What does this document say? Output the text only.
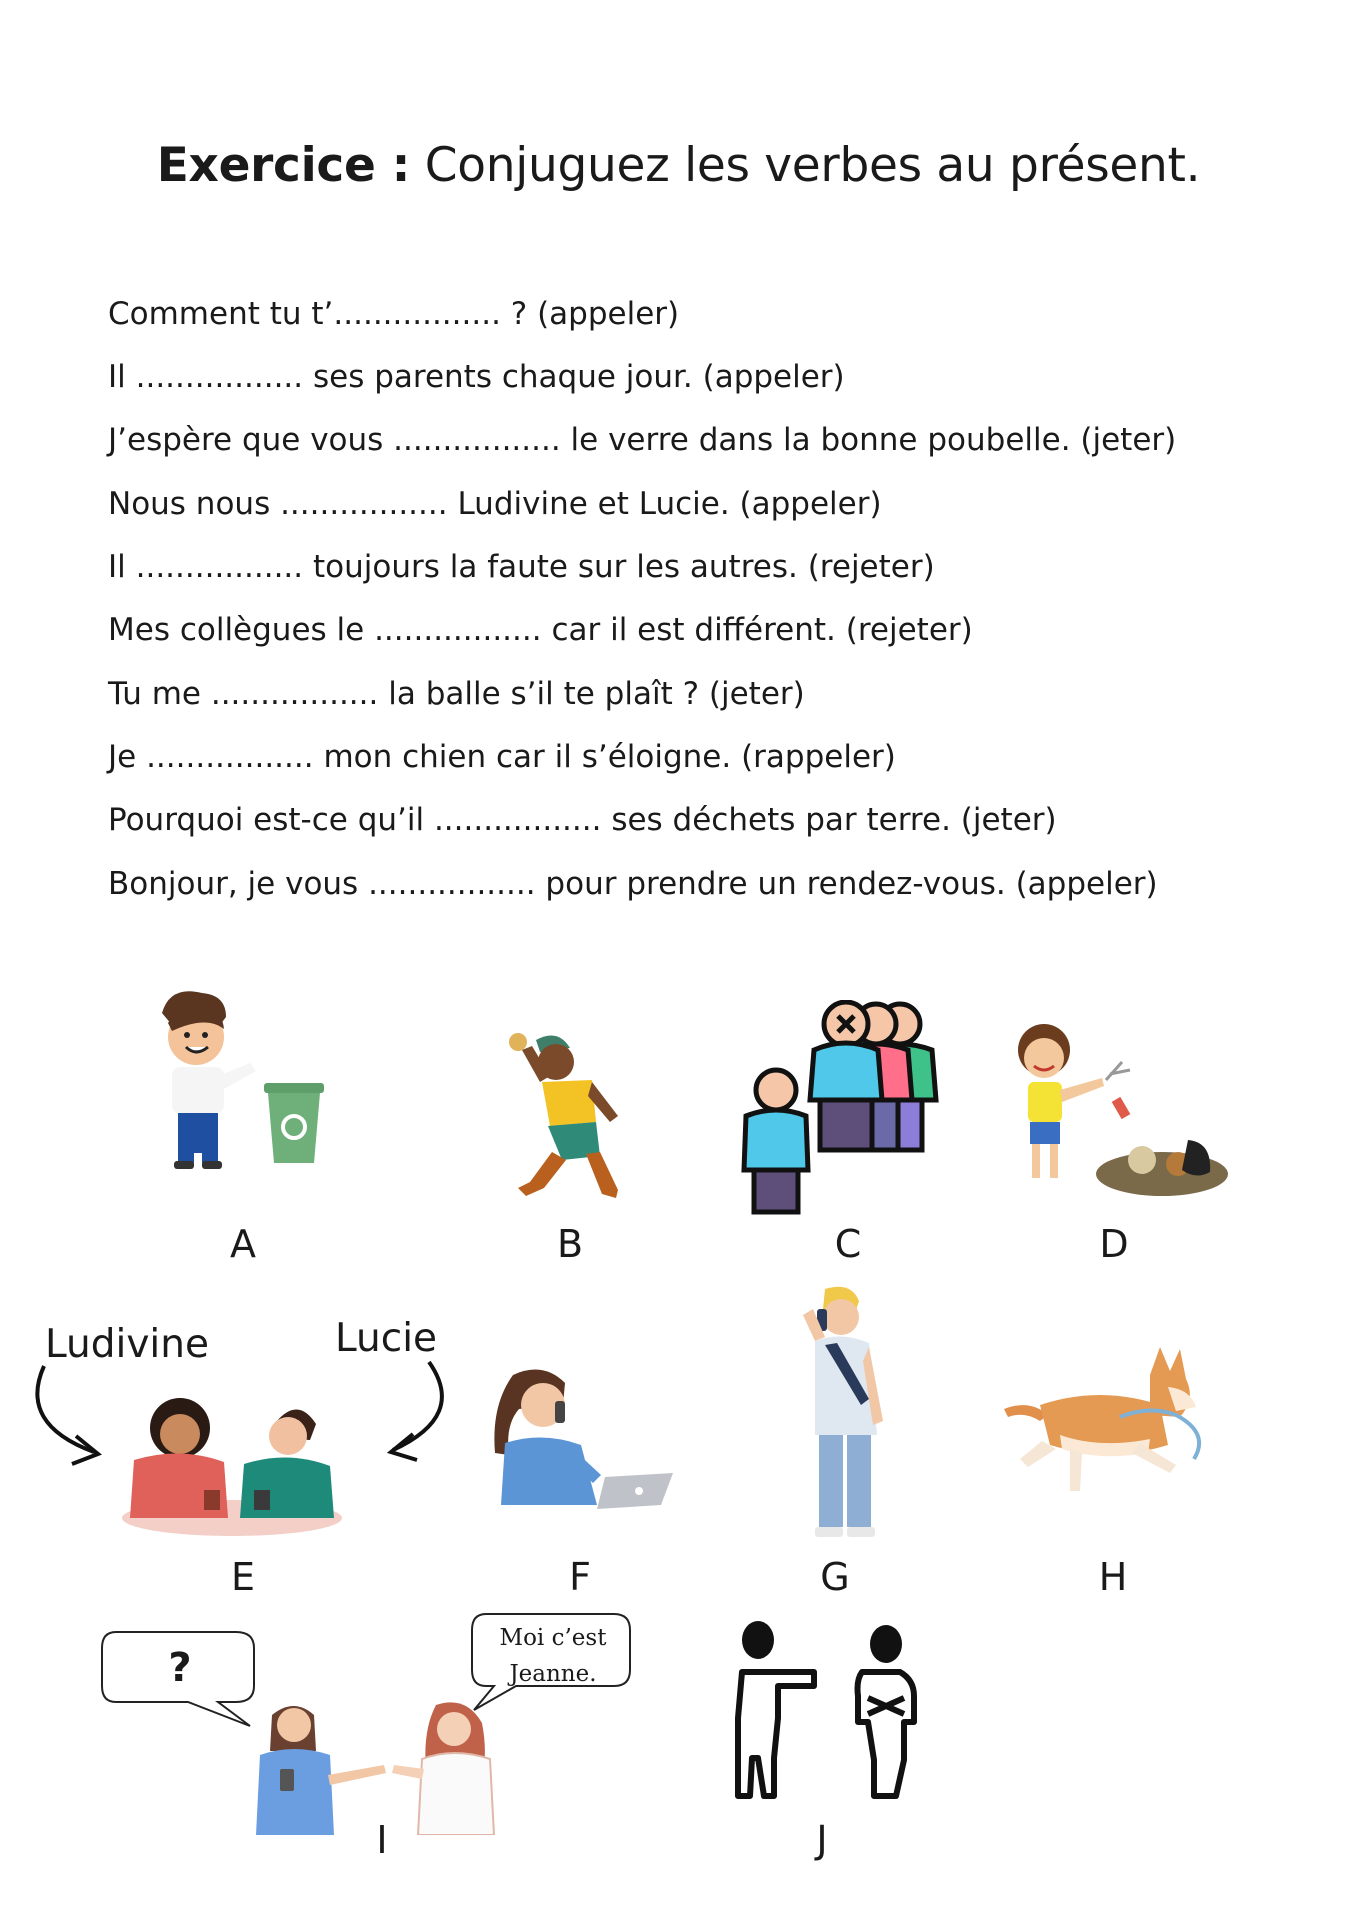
Exercice : Conjuguez les verbes au présent.
Comment tu t’................. ? (appeler)
Il ................. ses parents chaque jour. (appeler)
J’espère que vous ................. le verre dans la bonne poubelle. (jeter)
Nous nous ................. Ludivine et Lucie. (appeler)
Il ................. toujours la faute sur les autres. (rejeter)
Mes collègues le ................. car il est différent. (rejeter)
Tu me ................. la balle s’il te plaît ? (jeter)
Je ................. mon chien car il s’éloigne. (rappeler)
Pourquoi est-ce qu’il ................. ses déchets par terre. (jeter)
Bonjour, je vous ................. pour prendre un rendez-vous. (appeler)
A	B	C	D
Ludivine	Lucie
E	F	G	H
?
Moi c’est
Jeanne.
I	J
